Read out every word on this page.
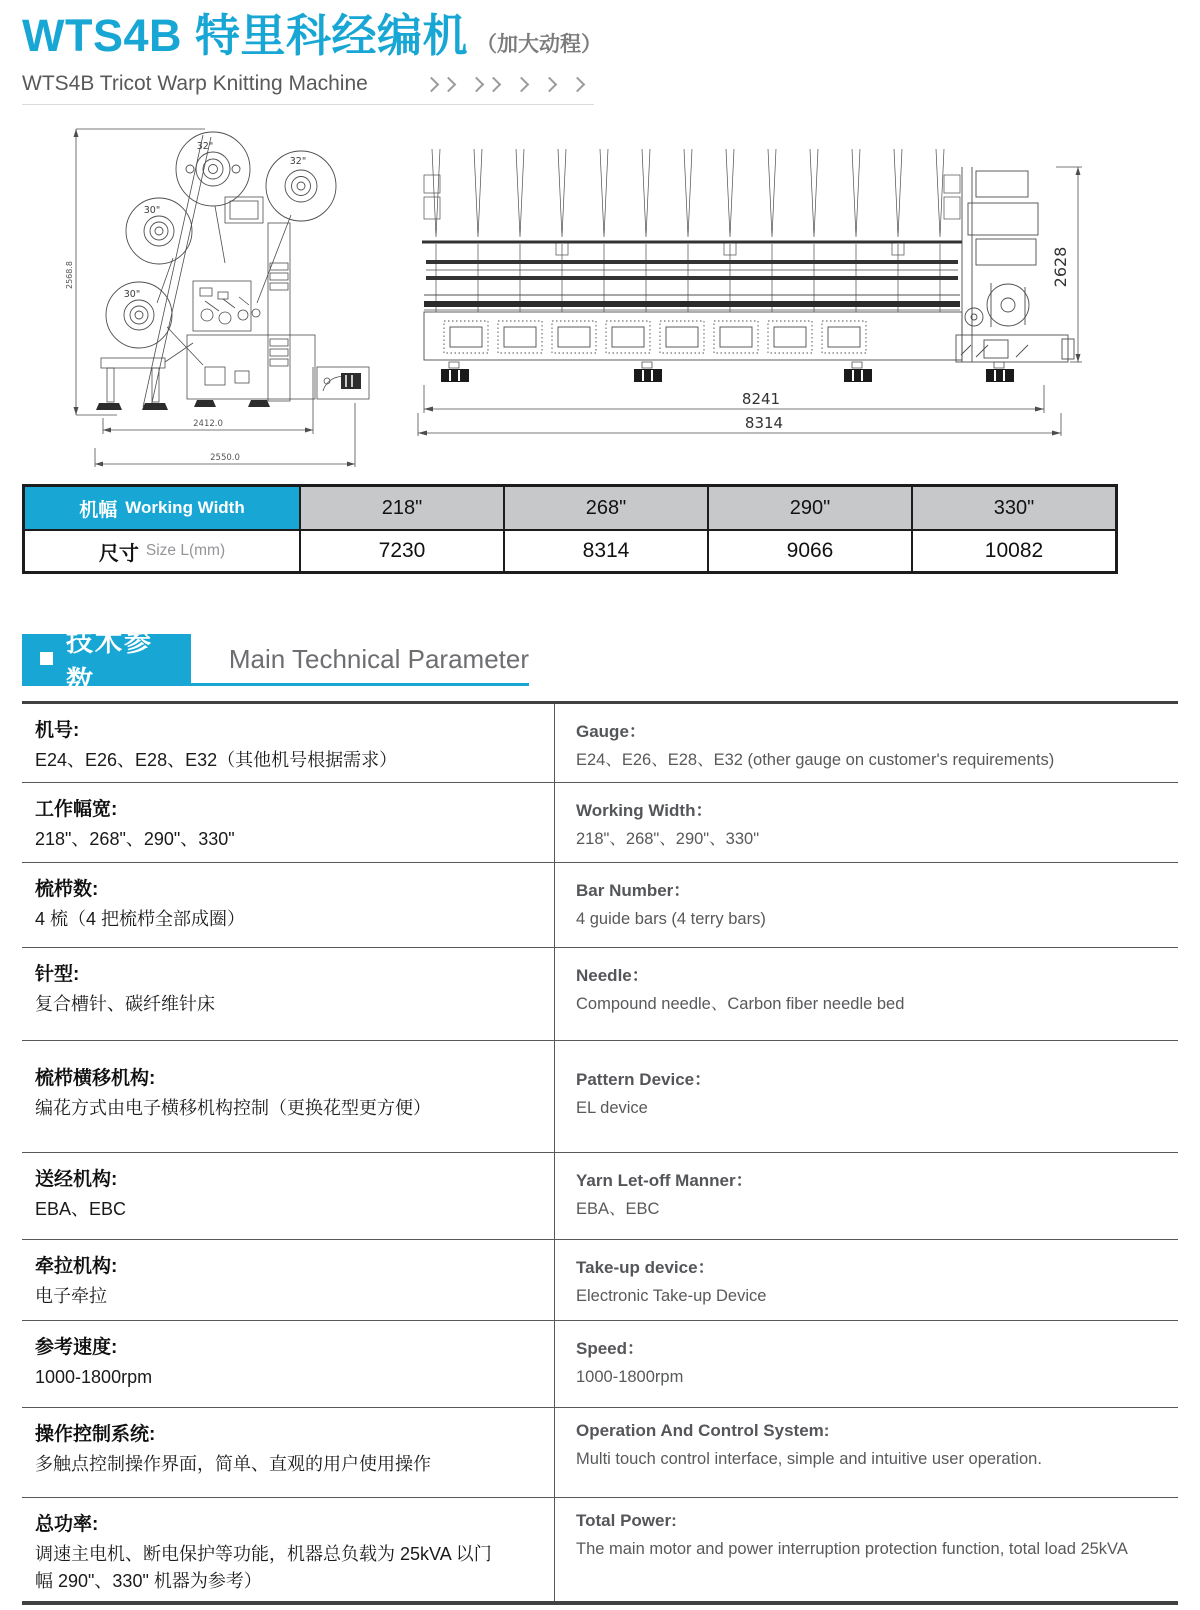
WTS4B 特里科经编机 （加大动程）
WTS4B Tricot Warp Knitting Machine
32"
32"
30"
30"
2568.8
2412.0
2550.0
2628
8241
8314
机幅 Working Width	218"	268"	290"	330"
尺寸 Size L(mm)	7230	8314	9066	10082
技术参数
Main Technical Parameter
机号:
E24、E26、E28、E32（其他机号根据需求）
Gauge：
E24、E26、E28、E32 (other gauge on customer's requirements)
工作幅宽:
218"、268"、290"、330"
Working Width：
218"、268"、290"、330"
梳栉数:
4 梳（4 把梳栉全部成圈）
Bar Number：
4 guide bars (4 terry bars)
针型:
复合槽针、碳纤维针床
Needle：
Compound needle、Carbon fiber needle bed
梳栉横移机构:
编花方式由电子横移机构控制（更换花型更方便）
Pattern Device：
EL device
送经机构:
EBA、EBC
Yarn Let-off Manner：
EBA、EBC
牵拉机构:
电子牵拉
Take-up device：
Electronic Take-up Device
参考速度:
1000-1800rpm
Speed：
1000-1800rpm
操作控制系统:
多触点控制操作界面，简单、直观的用户使用操作
Operation And Control System:
Multi touch control interface, simple and intuitive user operation.
总功率:
调速主电机、断电保护等功能，机器总负载为 25kVA 以门幅 290"、330" 机器为参考）
Total Power:
The main motor and power interruption protection function, total load 25kVA
